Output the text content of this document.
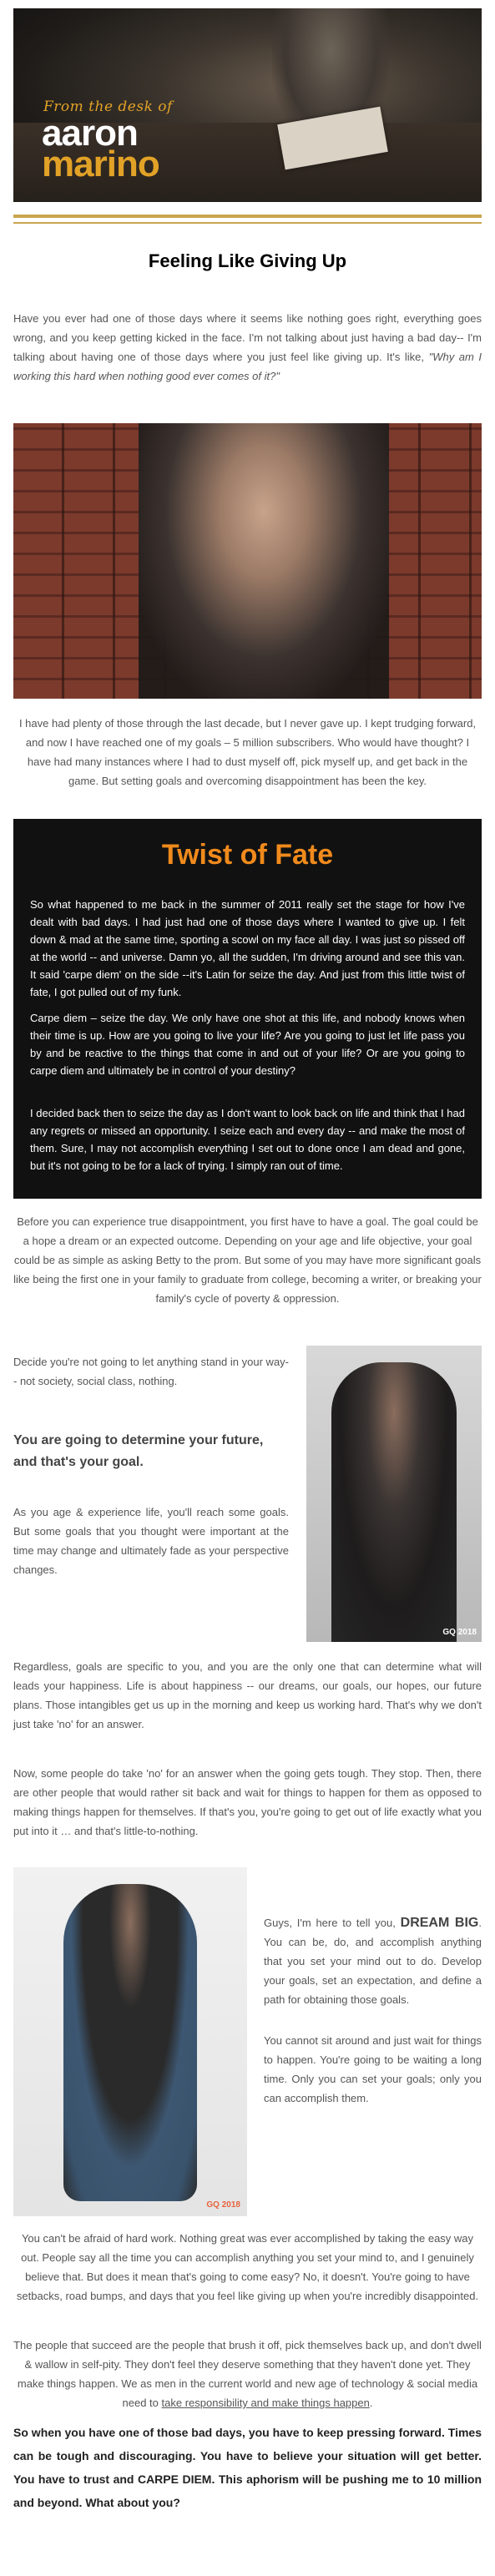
From the desk of
aaron
marino
Feeling Like Giving Up
Have you ever had one of those days where it seems like nothing goes right, everything goes wrong, and you keep getting kicked in the face. I'm not talking about just having a bad day-- I'm talking about having one of those days where you just feel like giving up. It's like, "Why am I working this hard when nothing good ever comes of it?"
I have had plenty of those through the last decade, but I never gave up. I kept trudging forward, and now I have reached one of my goals – 5 million subscribers. Who would have thought? I have had many instances where I had to dust myself off, pick myself up, and get back in the game. But setting goals and overcoming disappointment has been the key.
Twist of Fate
So what happened to me back in the summer of 2011 really set the stage for how I've dealt with bad days. I had just had one of those days where I wanted to give up. I felt down & mad at the same time, sporting a scowl on my face all day. I was just so pissed off at the world -- and universe. Damn yo, all the sudden, I'm driving around and see this van. It said 'carpe diem' on the side --it's Latin for seize the day. And just from this little twist of fate, I got pulled out of my funk.
Carpe diem – seize the day. We only have one shot at this life, and nobody knows when their time is up. How are you going to live your life? Are you going to just let life pass you by and be reactive to the things that come in and out of your life? Or are you going to carpe diem and ultimately be in control of your destiny?
I decided back then to seize the day as I don't want to look back on life and think that I had any regrets or missed an opportunity. I seize each and every day -- and make the most of them. Sure, I may not accomplish everything I set out to done once I am dead and gone, but it's not going to be for a lack of trying. I simply ran out of time.
Before you can experience true disappointment, you first have to have a goal. The goal could be a hope a dream or an expected outcome. Depending on your age and life objective, your goal could be as simple as asking Betty to the prom. But some of you may have more significant goals like being the first one in your family to graduate from college, becoming a writer, or breaking your family's cycle of poverty & oppression.
Decide you're not going to let anything stand in your way-- not society, social class, nothing.
You are going to determine your future, and that's your goal.
As you age & experience life, you'll reach some goals. But some goals that you thought were important at the time may change and ultimately fade as your perspective changes.
GQ 2018
Regardless, goals are specific to you, and you are the only one that can determine what will leads your happiness. Life is about happiness -- our dreams, our goals, our hopes, our future plans. Those intangibles get us up in the morning and keep us working hard. That's why we don't just take 'no' for an answer.
Now, some people do take 'no' for an answer when the going gets tough. They stop. Then, there are other people that would rather sit back and wait for things to happen for them as opposed to making things happen for themselves. If that's you, you're going to get out of life exactly what you put into it … and that's little-to-nothing.
GQ 2018
Guys, I'm here to tell you, DREAM BIG. You can be, do, and accomplish anything that you set your mind out to do. Develop your goals, set an expectation, and define a path for obtaining those goals.
You cannot sit around and just wait for things to happen. You're going to be waiting a long time. Only you can set your goals; only you can accomplish them.
You can't be afraid of hard work. Nothing great was ever accomplished by taking the easy way out. People say all the time you can accomplish anything you set your mind to, and I genuinely believe that. But does it mean that's going to come easy? No, it doesn't. You're going to have setbacks, road bumps, and days that you feel like giving up when you're incredibly disappointed.
The people that succeed are the people that brush it off, pick themselves back up, and don't dwell & wallow in self-pity. They don't feel they deserve something that they haven't done yet. They make things happen. We as men in the current world and new age of technology & social media need to take responsibility and make things happen.
So when you have one of those bad days, you have to keep pressing forward. Times can be tough and discouraging. You have to believe your situation will get better. You have to trust and CARPE DIEM. This aphorism will be pushing me to 10 million and beyond. What about you?
